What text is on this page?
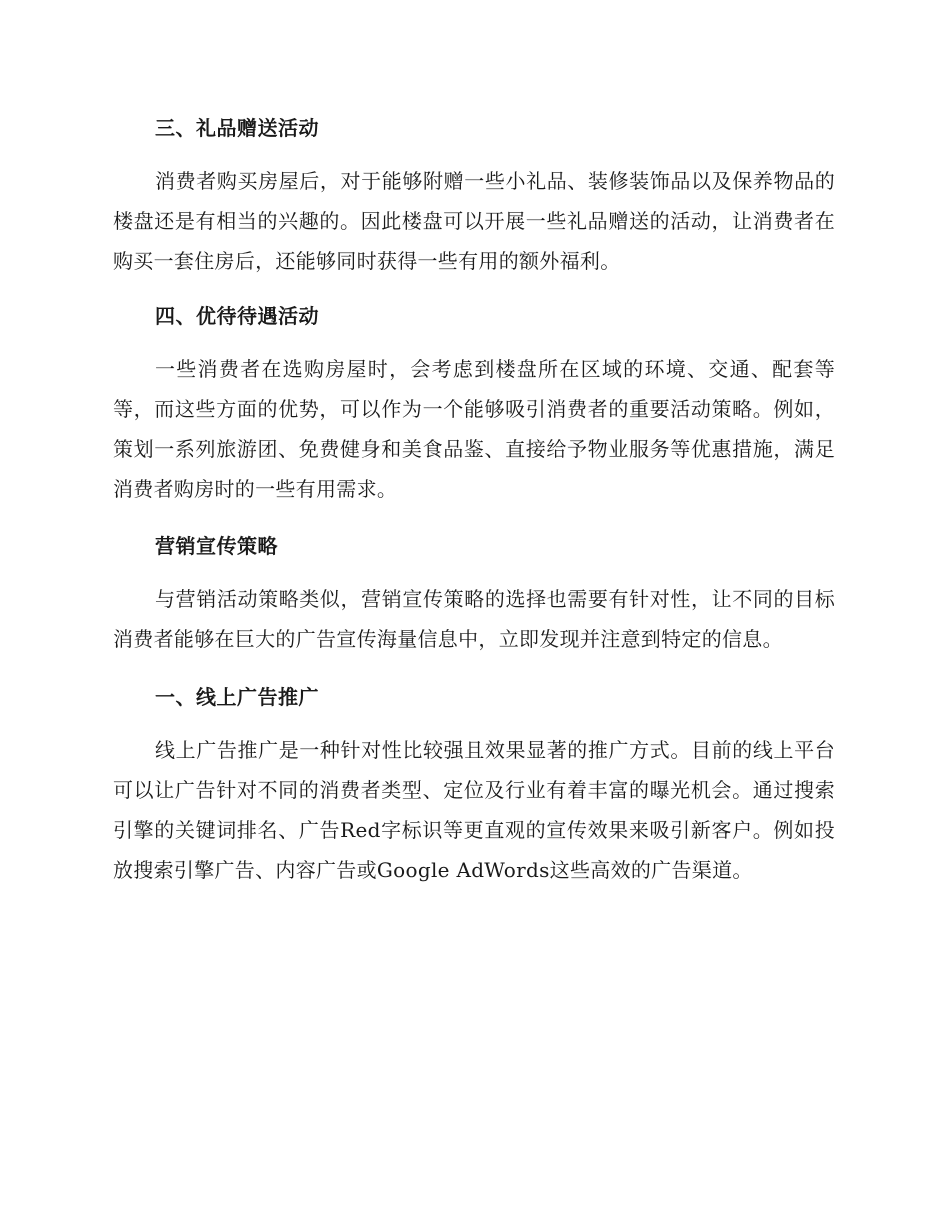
三、礼品赠送活动

消费者购买房屋后，对于能够附赠一些小礼品、装修装饰品以及保养物品的楼盘还是有相当的兴趣的。因此楼盘可以开展一些礼品赠送的活动，让消费者在购买一套住房后，还能够同时获得一些有用的额外福利。

四、优待待遇活动

一些消费者在选购房屋时，会考虑到楼盘所在区域的环境、交通、配套等等，而这些方面的优势，可以作为一个能够吸引消费者的重要活动策略。例如，策划一系列旅游团、免费健身和美食品鉴、直接给予物业服务等优惠措施，满足消费者购房时的一些有用需求。

营销宣传策略

与营销活动策略类似，营销宣传策略的选择也需要有针对性，让不同的目标消费者能够在巨大的广告宣传海量信息中，立即发现并注意到特定的信息。

一、线上广告推广

线上广告推广是一种针对性比较强且效果显著的推广方式。目前的线上平台可以让广告针对不同的消费者类型、定位及行业有着丰富的曝光机会。通过搜索引擎的关键词排名、广告Red字标识等更直观的宣传效果来吸引新客户。例如投放搜索引擎广告、内容广告或Google AdWords这些高效的广告渠道。
